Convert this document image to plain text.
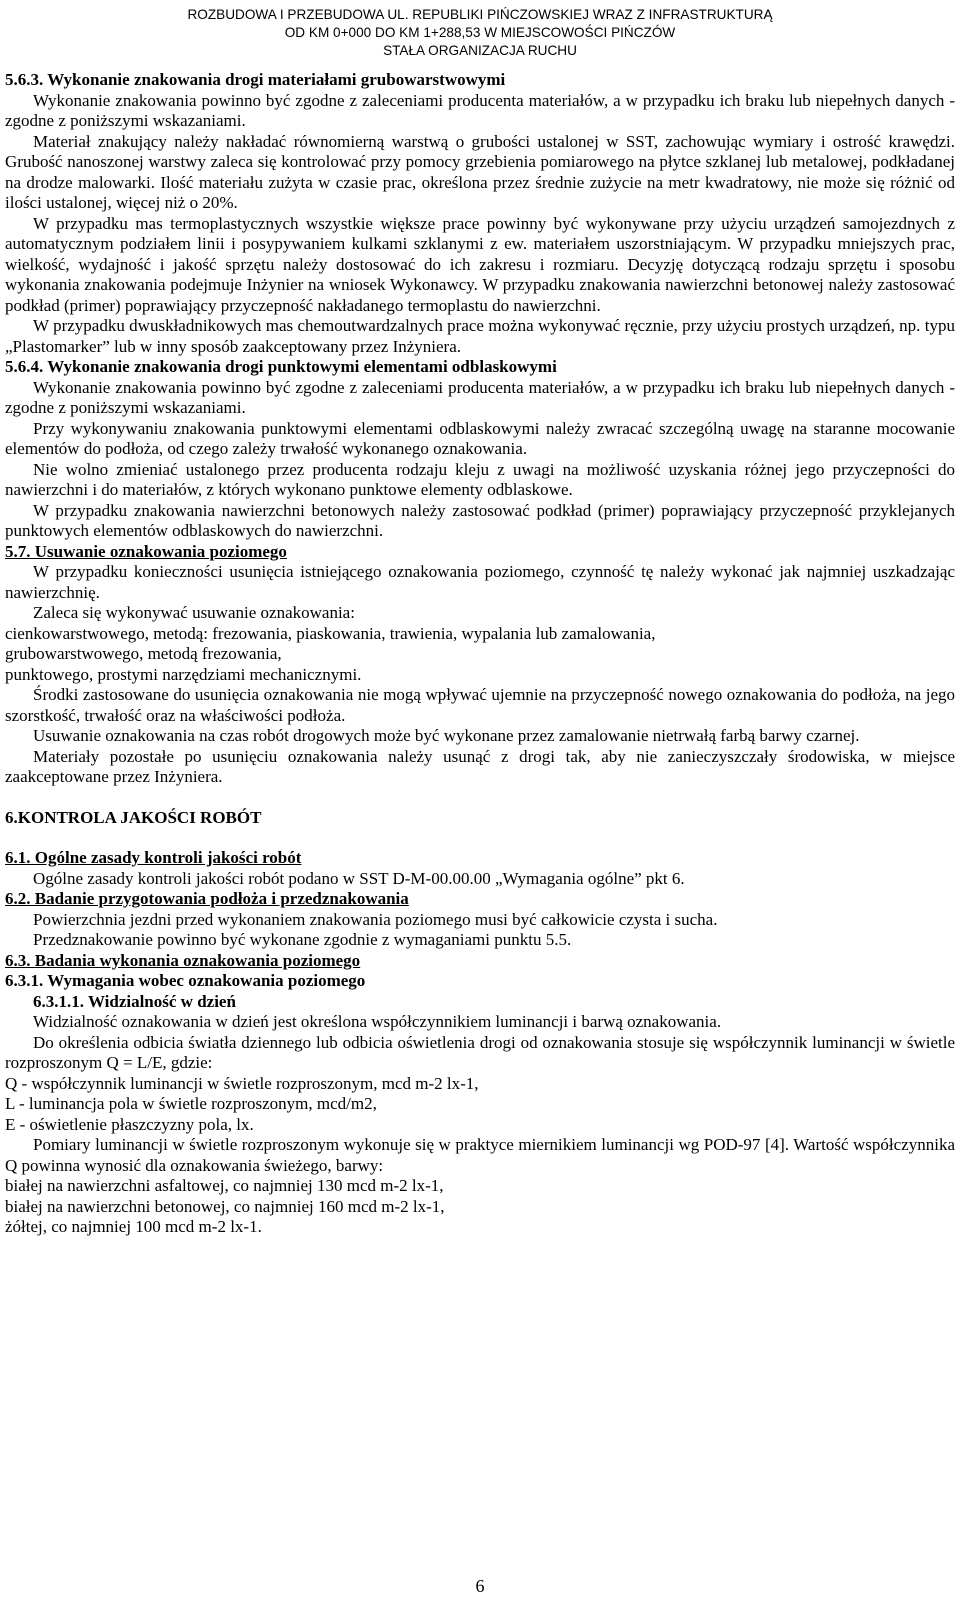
ROZBUDOWA I PRZEBUDOWA UL. REPUBLIKI PIŃCZOWSKIEJ WRAZ Z INFRASTRUKTURĄ
OD KM 0+000 DO KM 1+288,53 W MIEJSCOWOŚCI PIŃCZÓW
STAŁA ORGANIZACJA RUCHU

5.6.3. Wykonanie znakowania drogi materiałami grubowarstwowymi

Wykonanie znakowania powinno być zgodne z zaleceniami producenta materiałów, a w przypadku ich braku lub niepełnych danych - zgodne z poniższymi wskazaniami.

Materiał znakujący należy nakładać równomierną warstwą o grubości ustalonej w SST, zachowując wymiary i ostrość krawędzi. Grubość nanoszonej warstwy zaleca się kontrolować przy pomocy grzebienia pomiarowego na płytce szklanej lub metalowej, podkładanej na drodze malowarki. Ilość materiału zużyta w czasie prac, określona przez średnie zużycie na metr kwadratowy, nie może się różnić od ilości ustalonej, więcej niż o 20%.

W przypadku mas termoplastycznych wszystkie większe prace powinny być wykonywane przy użyciu urządzeń samojezdnych z automatycznym podziałem linii i posypywaniem kulkami szklanymi z ew. materiałem uszorstniającym. W przypadku mniejszych prac, wielkość, wydajność i jakość sprzętu należy dostosować do ich zakresu i rozmiaru. Decyzję dotyczącą rodzaju sprzętu i sposobu wykonania znakowania podejmuje Inżynier na wniosek Wykonawcy. W przypadku znakowania nawierzchni betonowej należy zastosować podkład (primer) poprawiający przyczepność nakładanego termoplastu do nawierzchni.

W przypadku dwuskładnikowych mas chemoutwardzalnych prace można wykonywać ręcznie, przy użyciu prostych urządzeń, np. typu „Plastomarker” lub w inny sposób zaakceptowany przez Inżyniera.

5.6.4. Wykonanie znakowania drogi punktowymi elementami odblaskowymi

Wykonanie znakowania powinno być zgodne z zaleceniami producenta materiałów, a w przypadku ich braku lub niepełnych danych - zgodne z poniższymi wskazaniami.

Przy wykonywaniu znakowania punktowymi elementami odblaskowymi należy zwracać szczególną uwagę na staranne mocowanie elementów do podłoża, od czego zależy trwałość wykonanego oznakowania.

Nie wolno zmieniać ustalonego przez producenta rodzaju kleju z uwagi na możliwość uzyskania różnej jego przyczepności do nawierzchni i do materiałów, z których wykonano punktowe elementy odblaskowe.

W przypadku znakowania nawierzchni betonowych należy zastosować podkład (primer) poprawiający przyczepność przyklejanych punktowych elementów odblaskowych do nawierzchni.

5.7. Usuwanie oznakowania poziomego

W przypadku konieczności usunięcia istniejącego oznakowania poziomego, czynność tę należy wykonać jak najmniej uszkadzając nawierzchnię.

Zaleca się wykonywać usuwanie oznakowania:

cienkowarstwowego, metodą: frezowania, piaskowania, trawienia, wypalania lub zamalowania,

grubowarstwowego, metodą frezowania,

punktowego, prostymi narzędziami mechanicznymi.

Środki zastosowane do usunięcia oznakowania nie mogą wpływać ujemnie na przyczepność nowego oznakowania do podłoża, na jego szorstkość, trwałość oraz na właściwości podłoża.

Usuwanie oznakowania na czas robót drogowych może być wykonane przez zamalowanie nietrwałą farbą barwy czarnej.

Materiały pozostałe po usunięciu oznakowania należy usunąć z drogi tak, aby nie zanieczyszczały środowiska, w miejsce zaakceptowane przez Inżyniera.

6.KONTROLA JAKOŚCI ROBÓT

6.1. Ogólne zasady kontroli jakości robót

Ogólne zasady kontroli jakości robót podano w SST D-M-00.00.00 „Wymagania ogólne” pkt 6.

6.2. Badanie przygotowania podłoża i przedznakowania

Powierzchnia jezdni przed wykonaniem znakowania poziomego musi być całkowicie czysta i sucha.

Przedznakowanie powinno być wykonane zgodnie z wymaganiami punktu 5.5.

6.3. Badania wykonania oznakowania poziomego

6.3.1. Wymagania wobec oznakowania poziomego

6.3.1.1. Widzialność w dzień

Widzialność oznakowania w dzień jest określona współczynnikiem luminancji i barwą oznakowania.

Do określenia odbicia światła dziennego lub odbicia oświetlenia drogi od oznakowania stosuje się współczynnik luminancji w świetle rozproszonym Q = L/E, gdzie:

Q - współczynnik luminancji w świetle rozproszonym, mcd m-2 lx-1,

L - luminancja pola w świetle rozproszonym, mcd/m2,

E - oświetlenie płaszczyzny pola, lx.

Pomiary luminancji w świetle rozproszonym wykonuje się w praktyce miernikiem luminancji wg POD-97 [4]. Wartość współczynnika Q powinna wynosić dla oznakowania świeżego, barwy:

białej na nawierzchni asfaltowej, co najmniej 130 mcd m-2 lx-1,

białej na nawierzchni betonowej, co najmniej 160 mcd m-2 lx-1,

żółtej, co najmniej 100 mcd m-2 lx-1.

6
